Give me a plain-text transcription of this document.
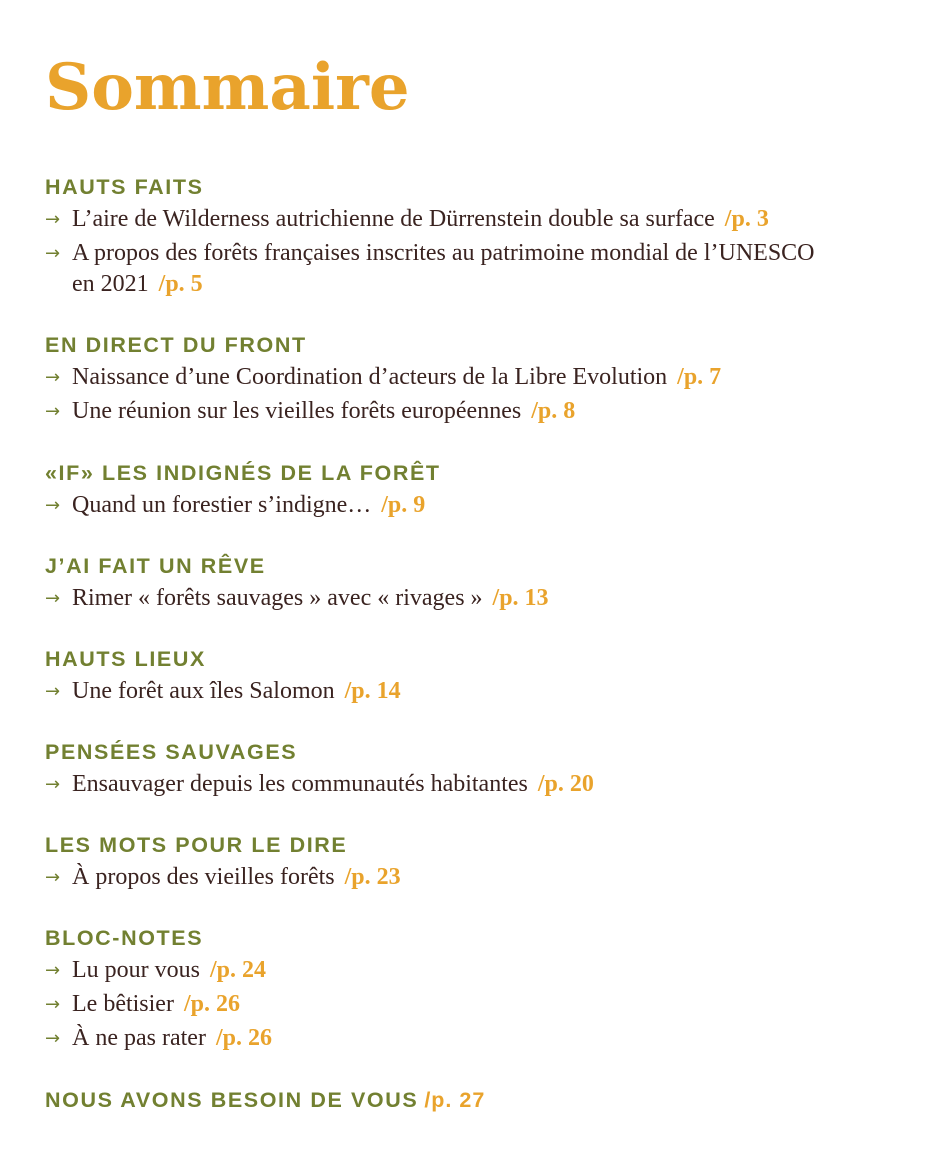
Sommaire
HAUTS FAITS
→ L’aire de Wilderness autrichienne de Dürrenstein double sa surface /p. 3
→ A propos des forêts françaises inscrites au patrimoine mondial de l’UNESCO en 2021 /p. 5
EN DIRECT DU FRONT
→ Naissance d’une Coordination d’acteurs de la Libre Evolution /p. 7
→ Une réunion sur les vieilles forêts européennes /p. 8
«IF» LES INDIGNÉS DE LA FORÊT
→ Quand un forestier s’indigne… /p. 9
J’AI FAIT UN RÊVE
→ Rimer « forêts sauvages » avec « rivages » /p. 13
HAUTS LIEUX
→ Une forêt aux îles Salomon /p. 14
PENSÉES SAUVAGES
→ Ensauvager depuis les communautés habitantes /p. 20
LES MOTS POUR LE DIRE
→ À propos des vieilles forêts /p. 23
BLOC-NOTES
→ Lu pour vous /p. 24
→ Le bêtisier /p. 26
→ À ne pas rater /p. 26
NOUS AVONS BESOIN DE VOUS /p. 27
